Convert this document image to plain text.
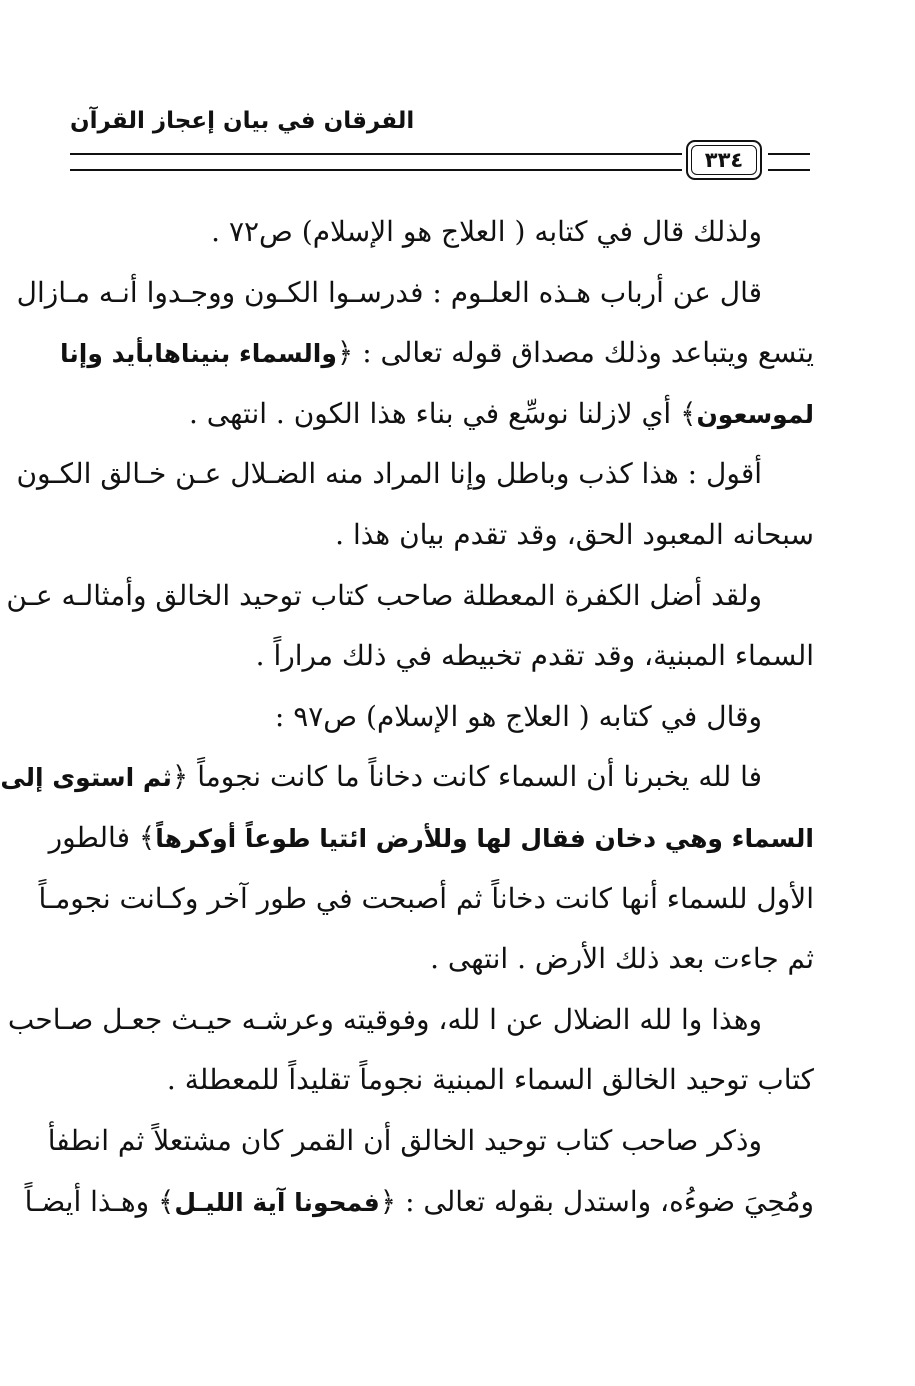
الفرقان في بيان إعجاز القرآن
٣٣٤
ولذلك قال في كتابه ( العلاج هو الإسلام) ص٧٢ .
قال عن أرباب هـذه العلـوم : فدرسـوا الكـون ووجـدوا أنـه مـازال
يتسع ويتباعد وذلك مصداق قوله تعالى : ﴿والسماء بنيناهابأيد وإنا
لموسعون﴾ أي لازلنا نوسِّع في بناء هذا الكون . انتهى .
أقول : هذا كذب وباطل وإنا المراد منه الضـلال عـن خـالق الكـون
سبحانه المعبود الحق، وقد تقدم بيان هذا .
ولقد أضل الكفرة المعطلة صاحب كتاب توحيد الخالق وأمثالـه عـن
السماء المبنية، وقد تقدم تخبيطه في ذلك مراراً .
وقال في كتابه ( العلاج هو الإسلام) ص٩٧ :
فا لله يخبرنا أن السماء كانت دخاناً ما كانت نجوماً ﴿ثم استوى إلى
السماء وهي دخان فقال لها وللأرض ائتيا طوعاً أوكرهاً﴾ فالطور
الأول للسماء أنها كانت دخاناً ثم أصبحت في طور آخر وكـانت نجومـاً
ثم جاءت بعد ذلك الأرض . انتهى .
وهذا وا لله الضلال عن ا لله، وفوقيته وعرشـه حيـث جعـل صـاحب
كتاب توحيد الخالق السماء المبنية نجوماً تقليداً للمعطلة .
وذكر صاحب كتاب توحيد الخالق أن القمر كان مشتعلاً ثم انطفأ
ومُحِيَ ضوءُه، واستدل بقوله تعالى : ﴿فمحونا آية الليـل﴾ وهـذا أيضـاً
